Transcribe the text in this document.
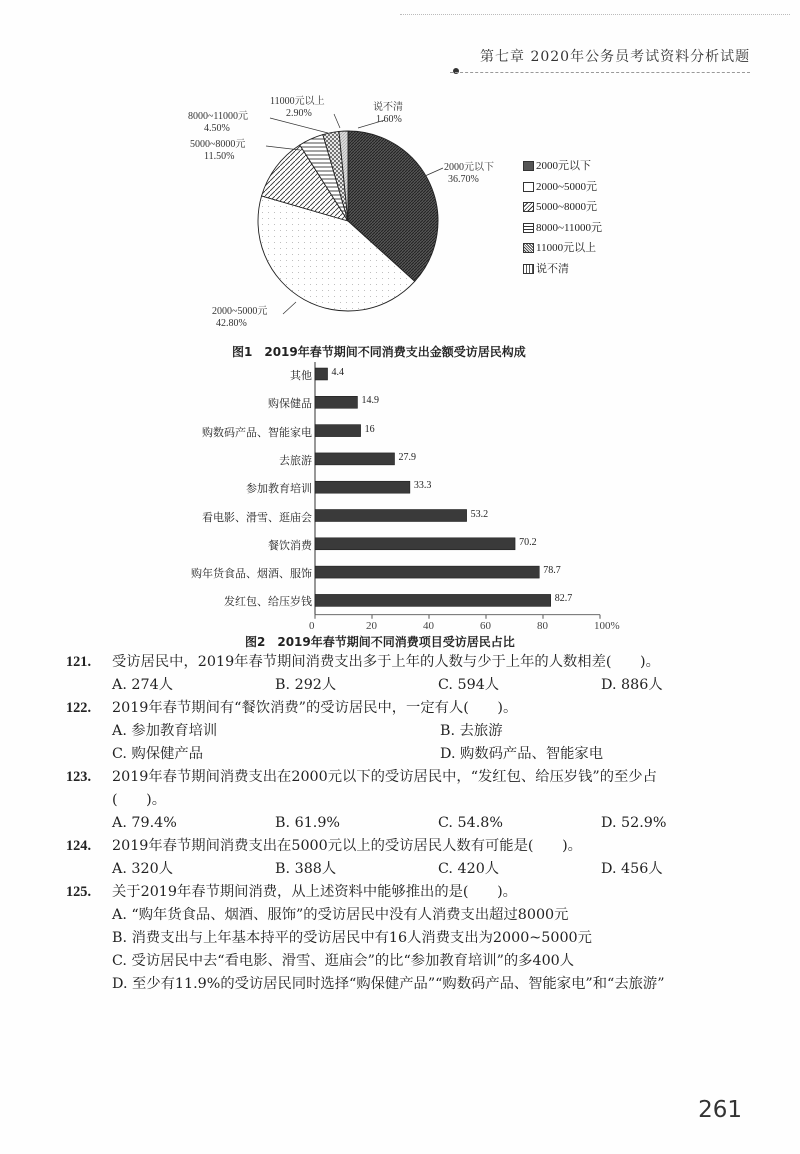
第七章 2020年公务员考试资料分析试题
11000元以上
2.90%
8000~11000元
4.50%
5000~8000元
11.50%
说不清
1.60%
2000元以下
36.70%
2000~5000元
42.80%
2000元以下
2000~5000元
5000~8000元
8000~11000元
11000元以上
说不清
图1　2019年春节期间不同消费支出金额受访居民构成
4.4
其他
14.9
购保健品
16
购数码产品、智能家电
27.9
去旅游
33.3
参加教育培训
53.2
看电影、滑雪、逛庙会
70.2
餐饮消费
78.7
购年货食品、烟酒、服饰
82.7
发红包、给压岁钱
0	20	40	60	80	100%
图2　2019年春节期间不同消费项目受访居民占比
121.	受访居民中，2019年春节期间消费支出多于上年的人数与少于上年的人数相差(　　)。
A. 274人	B. 292人	C. 594人	D. 886人
122.	2019年春节期间有“餐饮消费”的受访居民中，一定有人(　　)。
A. 参加教育培训	B. 去旅游
C. 购保健产品	D. 购数码产品、智能家电
123.	2019年春节期间消费支出在2000元以下的受访居民中，“发红包、给压岁钱”的至少占
(　　)。
A. 79.4%	B. 61.9%	C. 54.8%	D. 52.9%
124.	2019年春节期间消费支出在5000元以上的受访居民人数有可能是(　　)。
A. 320人	B. 388人	C. 420人	D. 456人
125.	关于2019年春节期间消费，从上述资料中能够推出的是(　　)。
A. “购年货食品、烟酒、服饰”的受访居民中没有人消费支出超过8000元
B. 消费支出与上年基本持平的受访居民中有16人消费支出为2000~5000元
C. 受访居民中去“看电影、滑雪、逛庙会”的比“参加教育培训”的多400人
D. 至少有11.9%的受访居民同时选择“购保健产品”“购数码产品、智能家电”和“去旅游”
261
